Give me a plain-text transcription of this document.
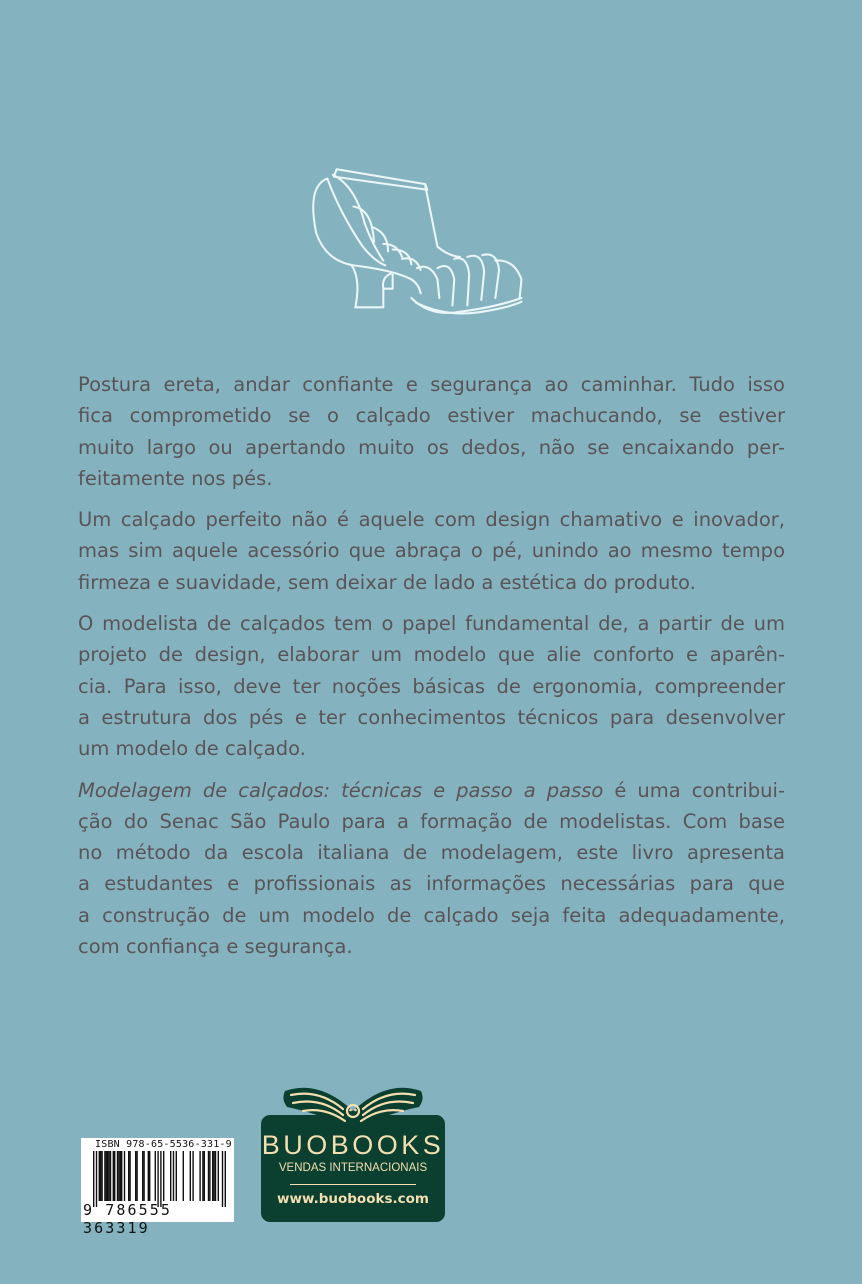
Postura ereta, andar confiante e segurança ao caminhar. Tudo isso
fica comprometido se o calçado estiver machucando, se estiver
muito largo ou apertando muito os dedos, não se encaixando per-
feitamente nos pés.

Um calçado perfeito não é aquele com design chamativo e inovador,
mas sim aquele acessório que abraça o pé, unindo ao mesmo tempo
firmeza e suavidade, sem deixar de lado a estética do produto.

O modelista de calçados tem o papel fundamental de, a partir de um
projeto de design, elaborar um modelo que alie conforto e aparên-
cia. Para isso, deve ter noções básicas de ergonomia, compreender
a estrutura dos pés e ter conhecimentos técnicos para desenvolver
um modelo de calçado.

Modelagem de calçados: técnicas e passo a passo é uma contribui-
ção do Senac São Paulo para a formação de modelistas. Com base
no método da escola italiana de modelagem, este livro apresenta
a estudantes e profissionais as informações necessárias para que
a construção de um modelo de calçado seja feita adequadamente,
com confiança e segurança.

ISBN 978-65-5536-331-9
9 786555 363319
BUOBOOKS
VENDAS INTERNACIONAIS
www.buobooks.com
